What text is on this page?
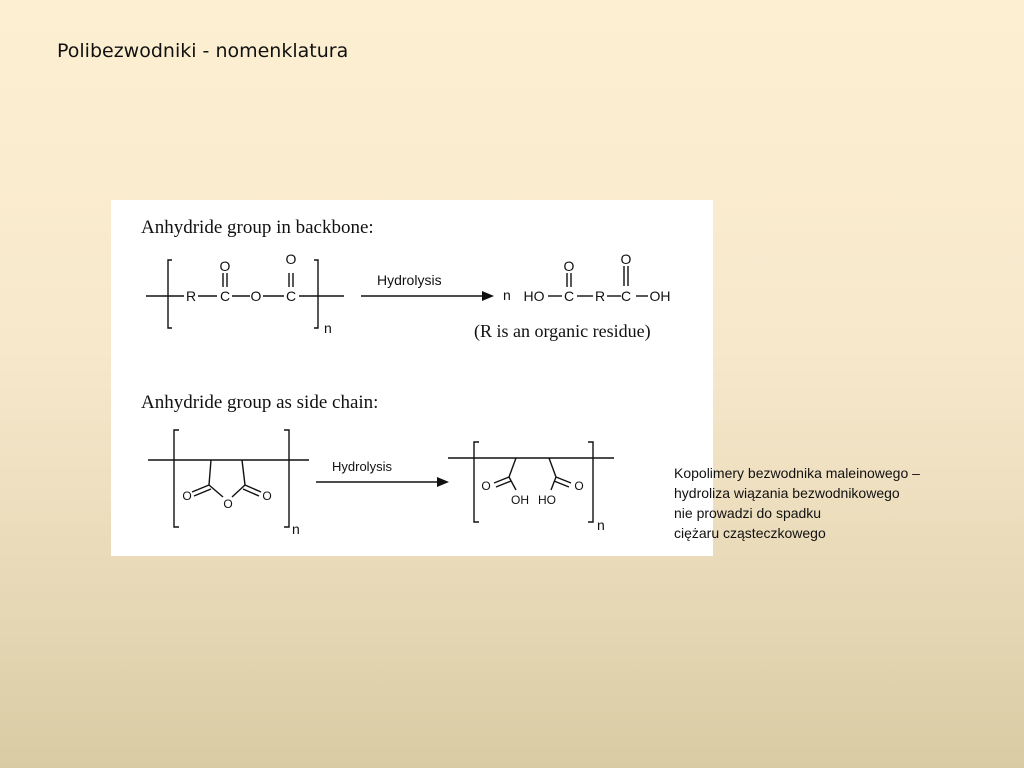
Polibezwodniki - nomenklatura
Anhydride group in backbone:
R C
O
O C
O
n
Hydrolysis
n HO C
O
R C
O
OH
(R is an organic residue)
Anhydride group as side chain:
O
O
O
n
Hydrolysis
O
OH HO
O
n
Kopolimery bezwodnika maleinowego –
hydroliza wiązania bezwodnikowego
nie prowadzi do spadku
ciężaru cząsteczkowego
